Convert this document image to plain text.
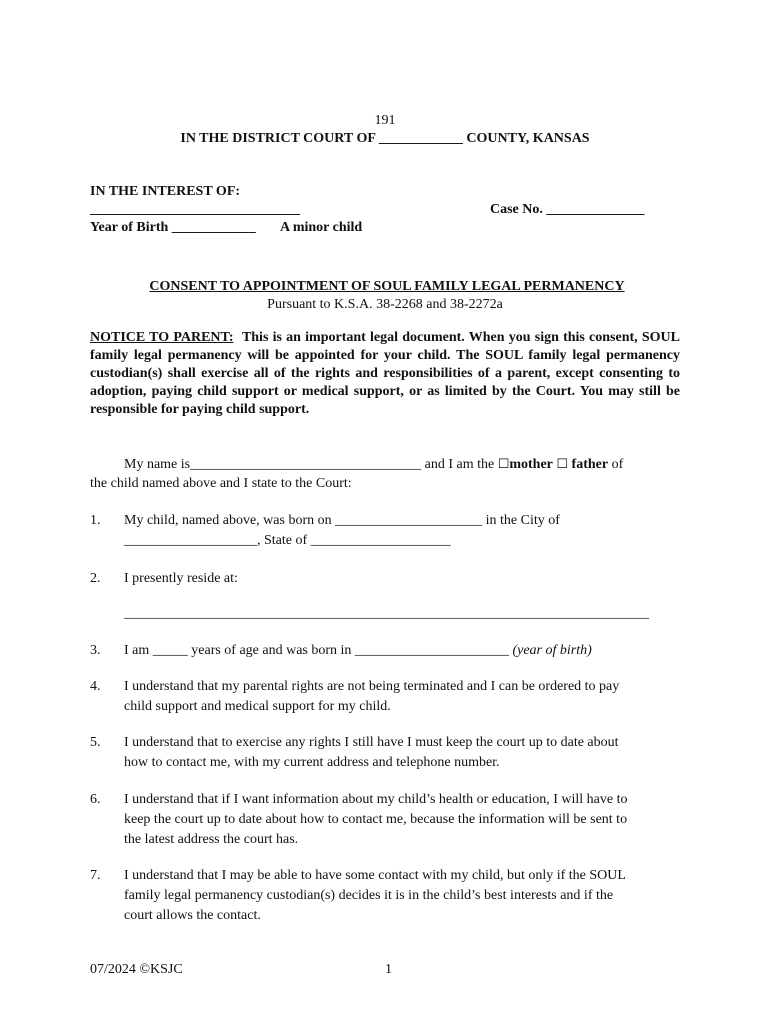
191
IN THE DISTRICT COURT OF ____________ COUNTY, KANSAS
IN THE INTEREST OF:
______________________________	Case No. ______________
Year of Birth ____________ A minor child
CONSENT TO APPOINTMENT OF SOUL FAMILY LEGAL PERMANENCY
Pursuant to K.S.A. 38-2268 and 38-2272a
NOTICE TO PARENT: This is an important legal document. When you sign this consent, SOUL family legal permanency will be appointed for your child. The SOUL family legal permanency custodian(s) shall exercise all of the rights and responsibilities of a parent, except consenting to adoption, paying child support or medical support, or as limited by the Court. You may still be responsible for paying child support.
My name is_________________________________ and I am the ☐mother ☐ father of
the child named above and I state to the Court:
1.	My child, named above, was born on _____________________ in the City of
___________________, State of ____________________
2.	I presently reside at:
___________________________________________________________________________
3.	I am _____ years of age and was born in ______________________ (year of birth)
4.	I understand that my parental rights are not being terminated and I can be ordered to pay
child support and medical support for my child.
5.	I understand that to exercise any rights I still have I must keep the court up to date about
how to contact me, with my current address and telephone number.
6.	I understand that if I want information about my child’s health or education, I will have to
keep the court up to date about how to contact me, because the information will be sent to
the latest address the court has.
7.	I understand that I may be able to have some contact with my child, but only if the SOUL
family legal permanency custodian(s) decides it is in the child’s best interests and if the
court allows the contact.
07/2024 ©KSJC	1
